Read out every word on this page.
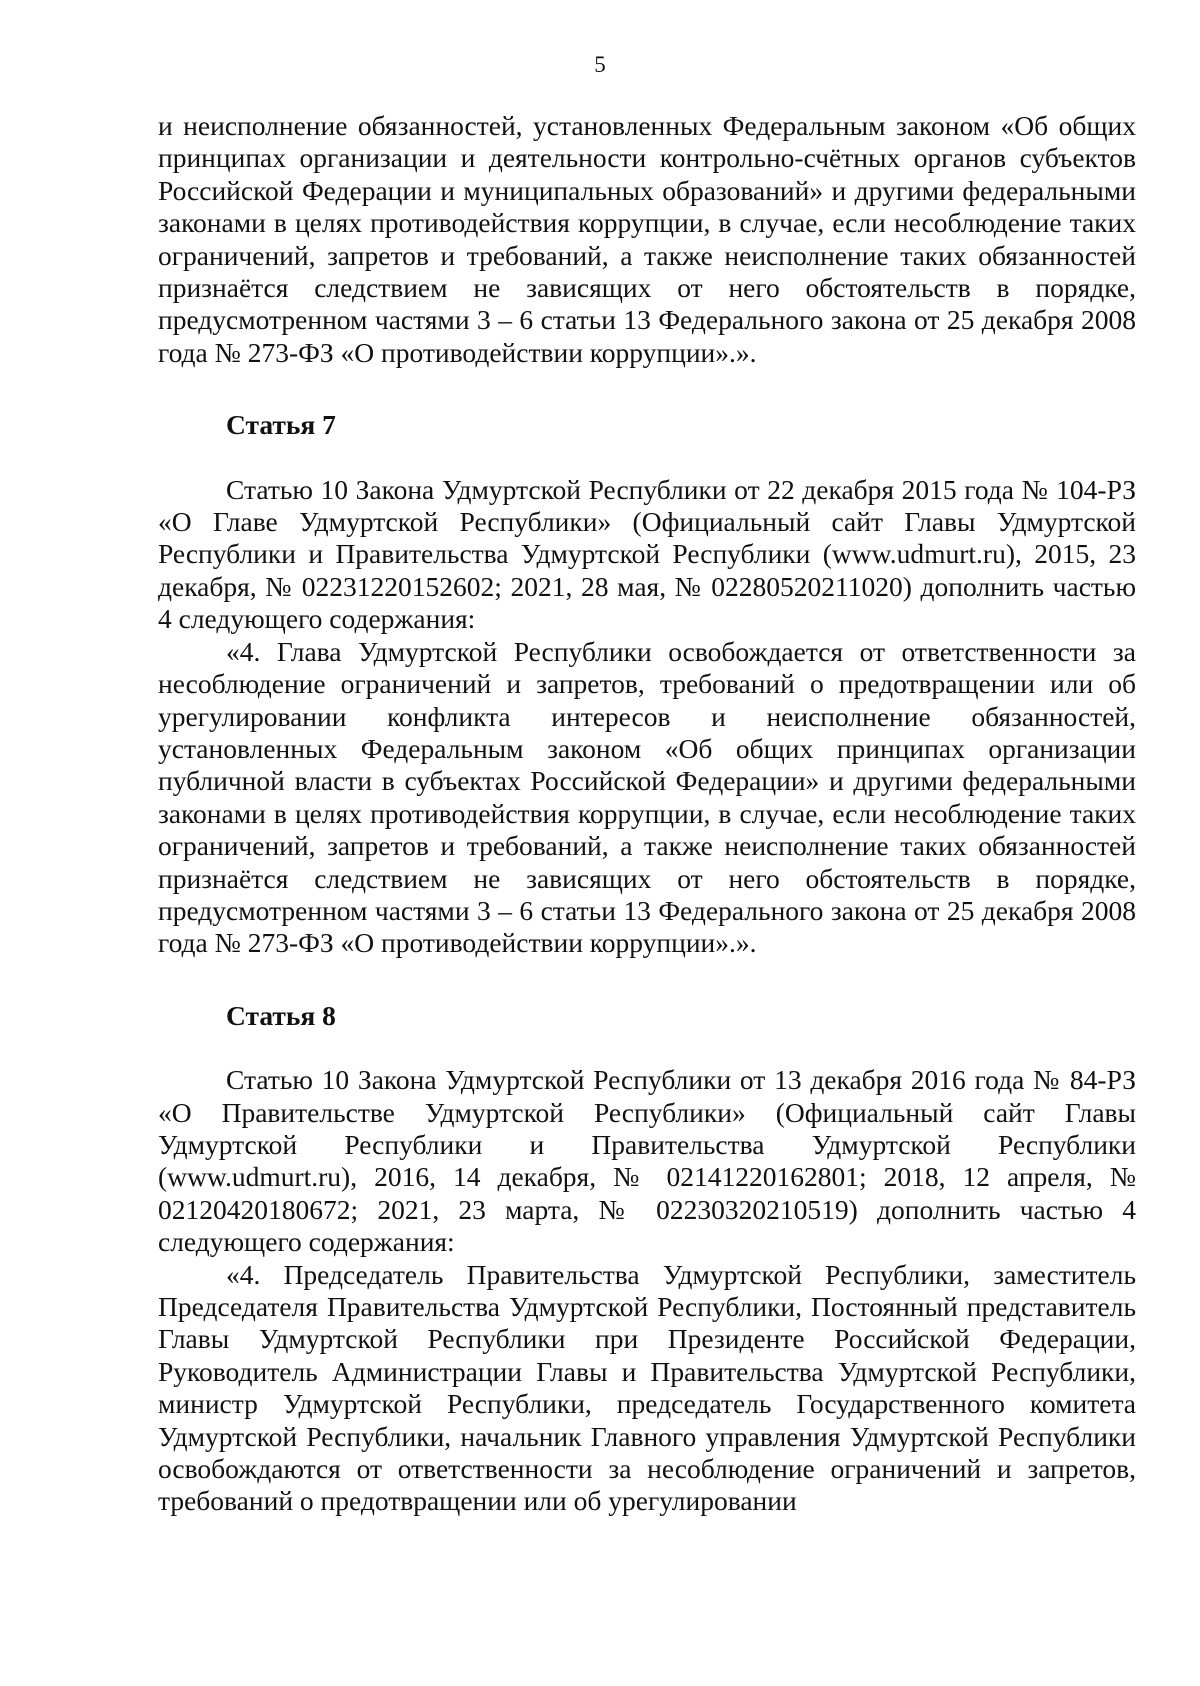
5

и неисполнение обязанностей, установленных Федеральным законом «Об общих принципах организации и деятельности контрольно-счётных органов субъектов Российской Федерации и муниципальных образований» и другими федеральными законами в целях противодействия коррупции, в случае, если несоблюдение таких ограничений, запретов и требований, а также неисполнение таких обязанностей признаётся следствием не зависящих от него обстоятельств в порядке, предусмотренном частями 3 – 6 статьи 13 Федерального закона от 25 декабря 2008 года № 273-ФЗ «О противодействии коррупции».».

Статья 7

Статью 10 Закона Удмуртской Республики от 22 декабря 2015 года № 104-РЗ «О Главе Удмуртской Республики» (Официальный сайт Главы Удмуртской Республики и Правительства Удмуртской Республики (www.udmurt.ru), 2015, 23 декабря, № 02231220152602; 2021, 28 мая, № 02280520211020) дополнить частью 4 следующего содержания:

«4. Глава Удмуртской Республики освобождается от ответственности за несоблюдение ограничений и запретов, требований о предотвращении или об урегулировании конфликта интересов и неисполнение обязанностей, установленных Федеральным законом «Об общих принципах организации публичной власти в субъектах Российской Федерации» и другими федеральными законами в целях противодействия коррупции, в случае, если несоблюдение таких ограничений, запретов и требований, а также неисполнение таких обязанностей признаётся следствием не зависящих от него обстоятельств в порядке, предусмотренном частями 3 – 6 статьи 13 Федерального закона от 25 декабря 2008 года № 273-ФЗ «О противодействии коррупции».».

Статья 8

Статью 10 Закона Удмуртской Республики от 13 декабря 2016 года № 84-РЗ «О Правительстве Удмуртской Республики» (Официальный сайт Главы Удмуртской Республики и Правительства Удмуртской Республики (www.udmurt.ru), 2016, 14 декабря, № 02141220162801; 2018, 12 апреля, № 02120420180672; 2021, 23 марта, № 02230320210519) дополнить частью 4 следующего содержания:

«4. Председатель Правительства Удмуртской Республики, заместитель Председателя Правительства Удмуртской Республики, Постоянный представитель Главы Удмуртской Республики при Президенте Российской Федерации, Руководитель Администрации Главы и Правительства Удмуртской Республики, министр Удмуртской Республики, председатель Государственного комитета Удмуртской Республики, начальник Главного управления Удмуртской Республики освобождаются от ответственности за несоблюдение ограничений и запретов, требований о предотвращении или об урегулировании
